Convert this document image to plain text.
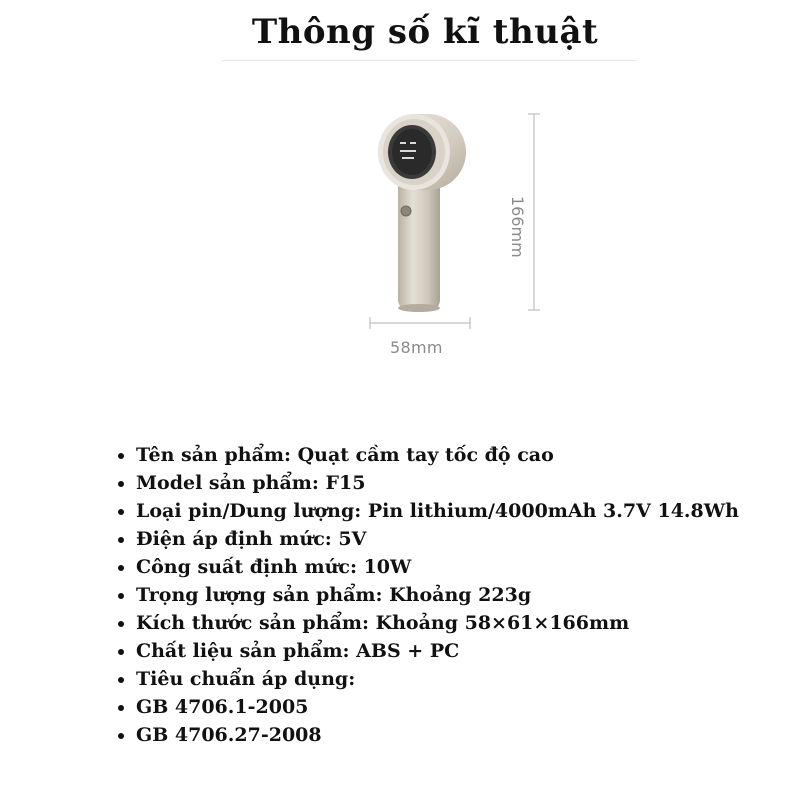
Thông số kĩ thuật
166mm
58mm
• Tên sản phẩm: Quạt cầm tay tốc độ cao
• Model sản phẩm: F15
• Loại pin/Dung lượng: Pin lithium/4000mAh 3.7V 14.8Wh
• Điện áp định mức: 5V
• Công suất định mức: 10W
• Trọng lượng sản phẩm: Khoảng 223g
• Kích thước sản phẩm: Khoảng 58×61×166mm
• Chất liệu sản phẩm: ABS + PC
• Tiêu chuẩn áp dụng:
• GB 4706.1-2005
• GB 4706.27-2008
